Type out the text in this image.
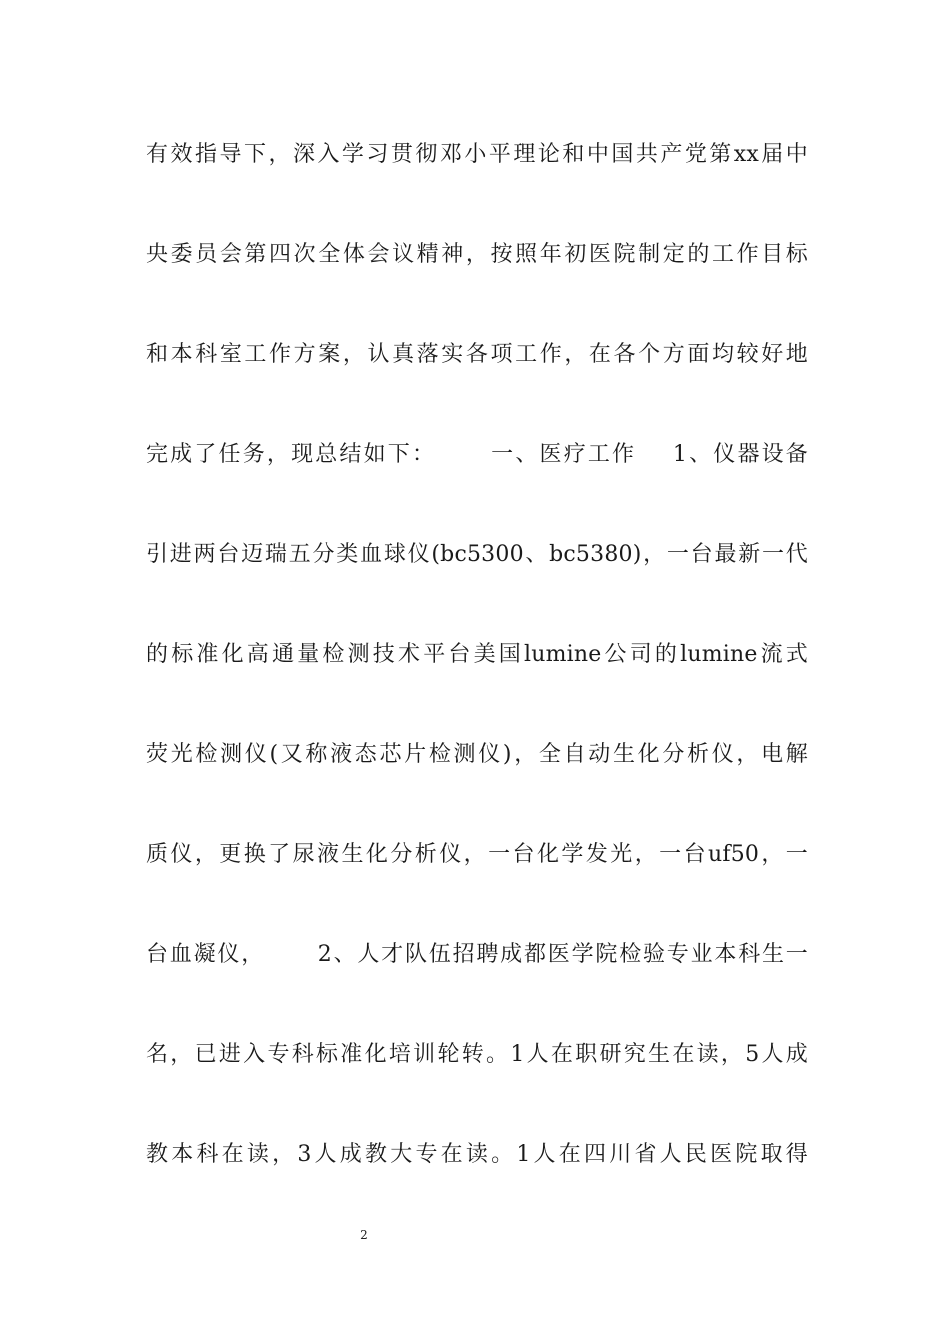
有效指导下，深入学习贯彻邓小平理论和中国共产党第xx届中
央委员会第四次全体会议精神，按照年初医院制定的工作目标
和本科室工作方案，认真落实各项工作，在各个方面均较好地
完成了任务，现总结如下：      一、医疗工作    1、仪器设备
引进两台迈瑞五分类血球仪(bc5300、bc5380)，一台最新一代
的标准化高通量检测技术平台美国lumine公司的lumine流式
荧光检测仪(又称液态芯片检测仪)，全自动生化分析仪，电解
质仪，更换了尿液生化分析仪，一台化学发光，一台uf50，一
台血凝仪，      2、人才队伍招聘成都医学院检验专业本科生一
名，已进入专科标准化培训轮转。1人在职研究生在读，5人成
教本科在读，3人成教大专在读。1人在四川省人民医院取得
2
